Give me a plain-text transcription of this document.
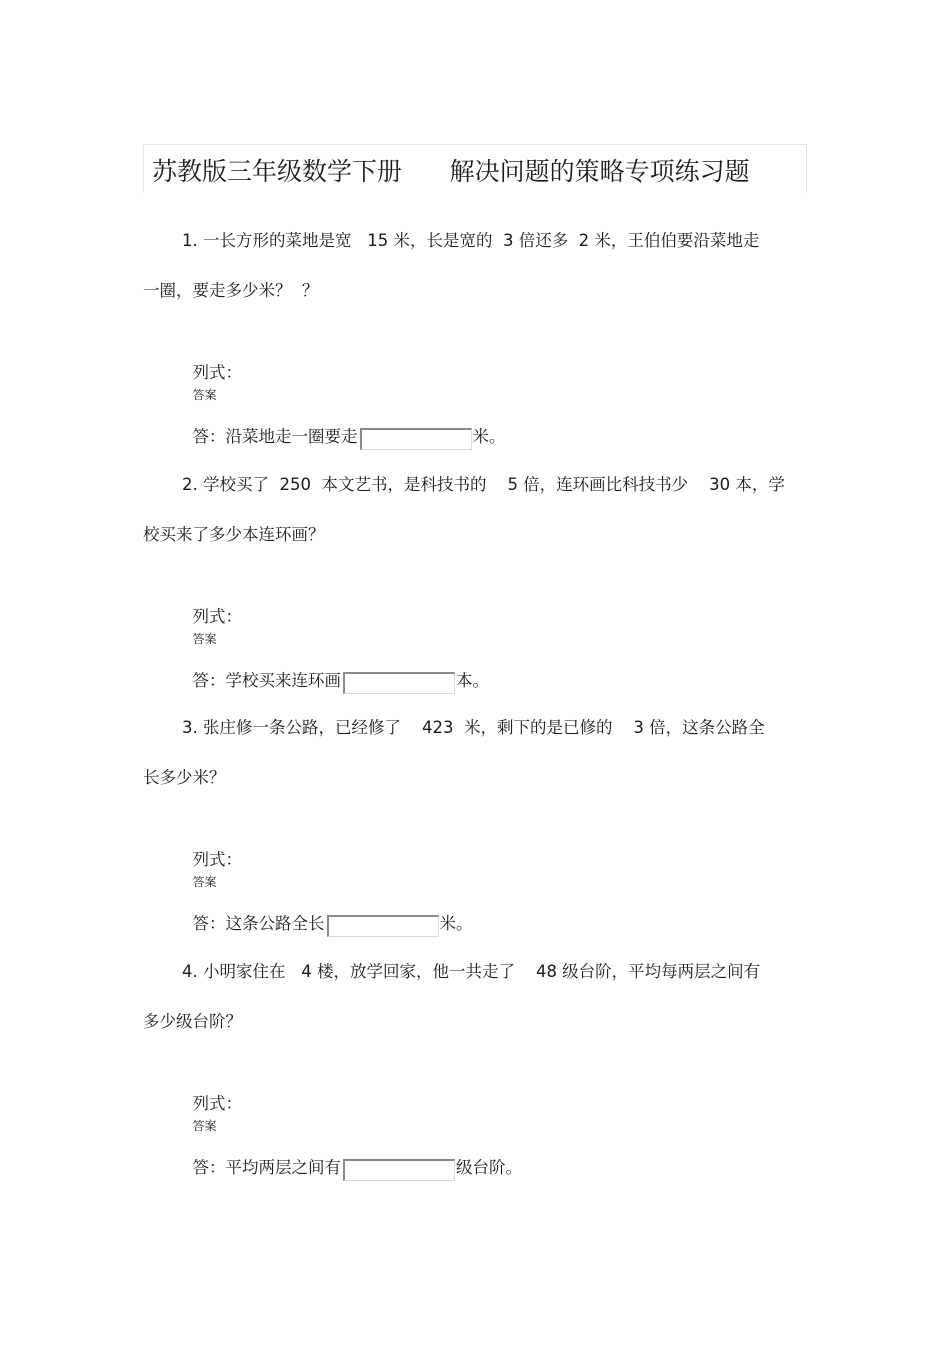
苏教版三年级数学下册      解决问题的策略专项练习题
1. 一长方形的菜地是宽   15 米，长是宽的  3 倍还多  2 米，王伯伯要沿菜地走
一圈，要走多少米？  ？

列式：
答案

答：沿菜地走一圈要走	米。

2. 学校买了  250  本文艺书，是科技书的    5 倍，连环画比科技书少    30 本，学
校买来了多少本连环画？

列式：
答案

答：学校买来连环画	本。

3. 张庄修一条公路，已经修了    423  米，剩下的是已修的    3 倍，这条公路全
长多少米？

列式：
答案

答：这条公路全长	米。

4. 小明家住在   4 楼，放学回家，他一共走了    48 级台阶，平均每两层之间有
多少级台阶？

列式：
答案

答：平均两层之间有	级台阶。
